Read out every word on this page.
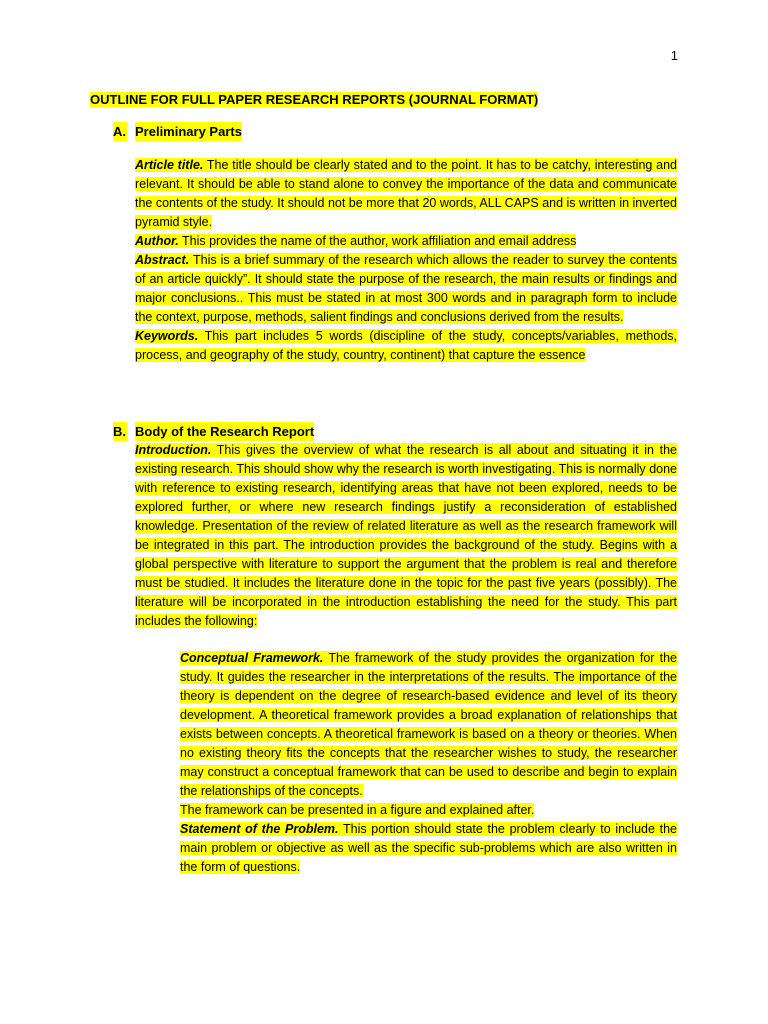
1
OUTLINE FOR FULL PAPER RESEARCH REPORTS (JOURNAL FORMAT)
A. Preliminary Parts

Article title. The title should be clearly stated and to the point. It has to be catchy, interesting and relevant. It should be able to stand alone to convey the importance of the data and communicate the contents of the study. It should not be more that 20 words, ALL CAPS and is written in inverted pyramid style.

Author. This provides the name of the author, work affiliation and email address

Abstract. This is a brief summary of the research which allows the reader to survey the contents of an article quickly”. It should state the purpose of the research, the main results or findings and major conclusions.. This must be stated in at most 300 words and in paragraph form to include the context, purpose, methods, salient findings and conclusions derived from the results.

Keywords. This part includes 5 words (discipline of the study, concepts/variables, methods, process, and geography of the study, country, continent) that capture the essence

B. Body of the Research Report

Introduction. This gives the overview of what the research is all about and situating it in the existing research. This should show why the research is worth investigating. This is normally done with reference to existing research, identifying areas that have not been explored, needs to be explored further, or where new research findings justify a reconsideration of established knowledge. Presentation of the review of related literature as well as the research framework will be integrated in this part. The introduction provides the background of the study. Begins with a global perspective with literature to support the argument that the problem is real and therefore must be studied. It includes the literature done in the topic for the past five years (possibly). The literature will be incorporated in the introduction establishing the need for the study. This part includes the following:

Conceptual Framework. The framework of the study provides the organization for the study. It guides the researcher in the interpretations of the results. The importance of the theory is dependent on the degree of research-based evidence and level of its theory development. A theoretical framework provides a broad explanation of relationships that exists between concepts. A theoretical framework is based on a theory or theories. When no existing theory fits the concepts that the researcher wishes to study, the researcher may construct a conceptual framework that can be used to describe and begin to explain the relationships of the concepts.

The framework can be presented in a figure and explained after.

Statement of the Problem. This portion should state the problem clearly to include the main problem or objective as well as the specific sub-problems which are also written in the form of questions.
